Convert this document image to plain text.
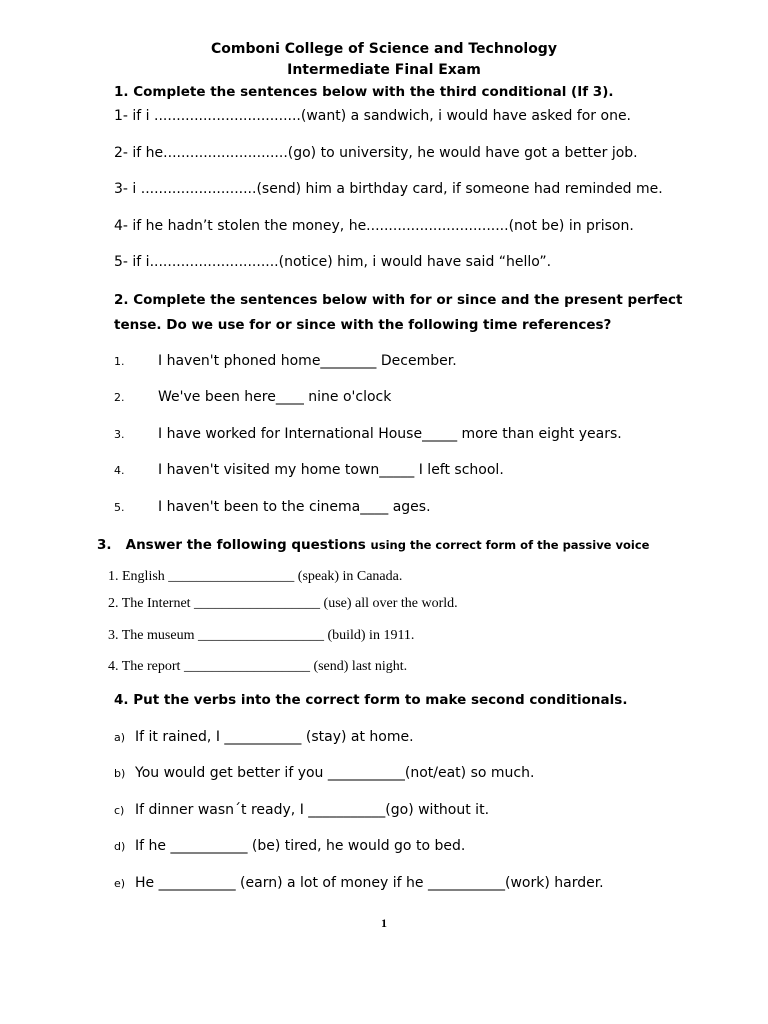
Comboni College of Science and Technology
Intermediate Final Exam
1. Complete the sentences below with the third conditional (If 3).
1- if i .................................(want) a sandwich, i would have asked for one.
2- if he............................(go) to university, he would have got a better job.
3- i ..........................(send) him a birthday card, if someone had reminded me.
4- if he hadn’t stolen the money, he................................(not be) in prison.
5- if i.............................(notice) him, i would have said “hello”.
2. Complete the sentences below with for or since and the present perfect
tense. Do we use for or since with the following time references?
1. I haven't phoned home________ December.
2. We've been here____ nine o'clock
3. I have worked for International House_____ more than eight years.
4. I haven't visited my home town_____ I left school.
5. I haven't been to the cinema____ ages.
3.   Answer the following questions using the correct form of the passive voice
1. English __________________ (speak) in Canada.
2. The Internet __________________ (use) all over the world.
3. The museum __________________ (build) in 1911.
4. The report __________________ (send) last night.
4. Put the verbs into the correct form to make second conditionals.
a) If it rained, I ___________ (stay) at home.
b) You would get better if you ___________(not/eat) so much.
c) If dinner wasn´t ready, I ___________(go) without it.
d) If he ___________ (be) tired, he would go to bed.
e) He ___________ (earn) a lot of money if he ___________(work) harder.
1
